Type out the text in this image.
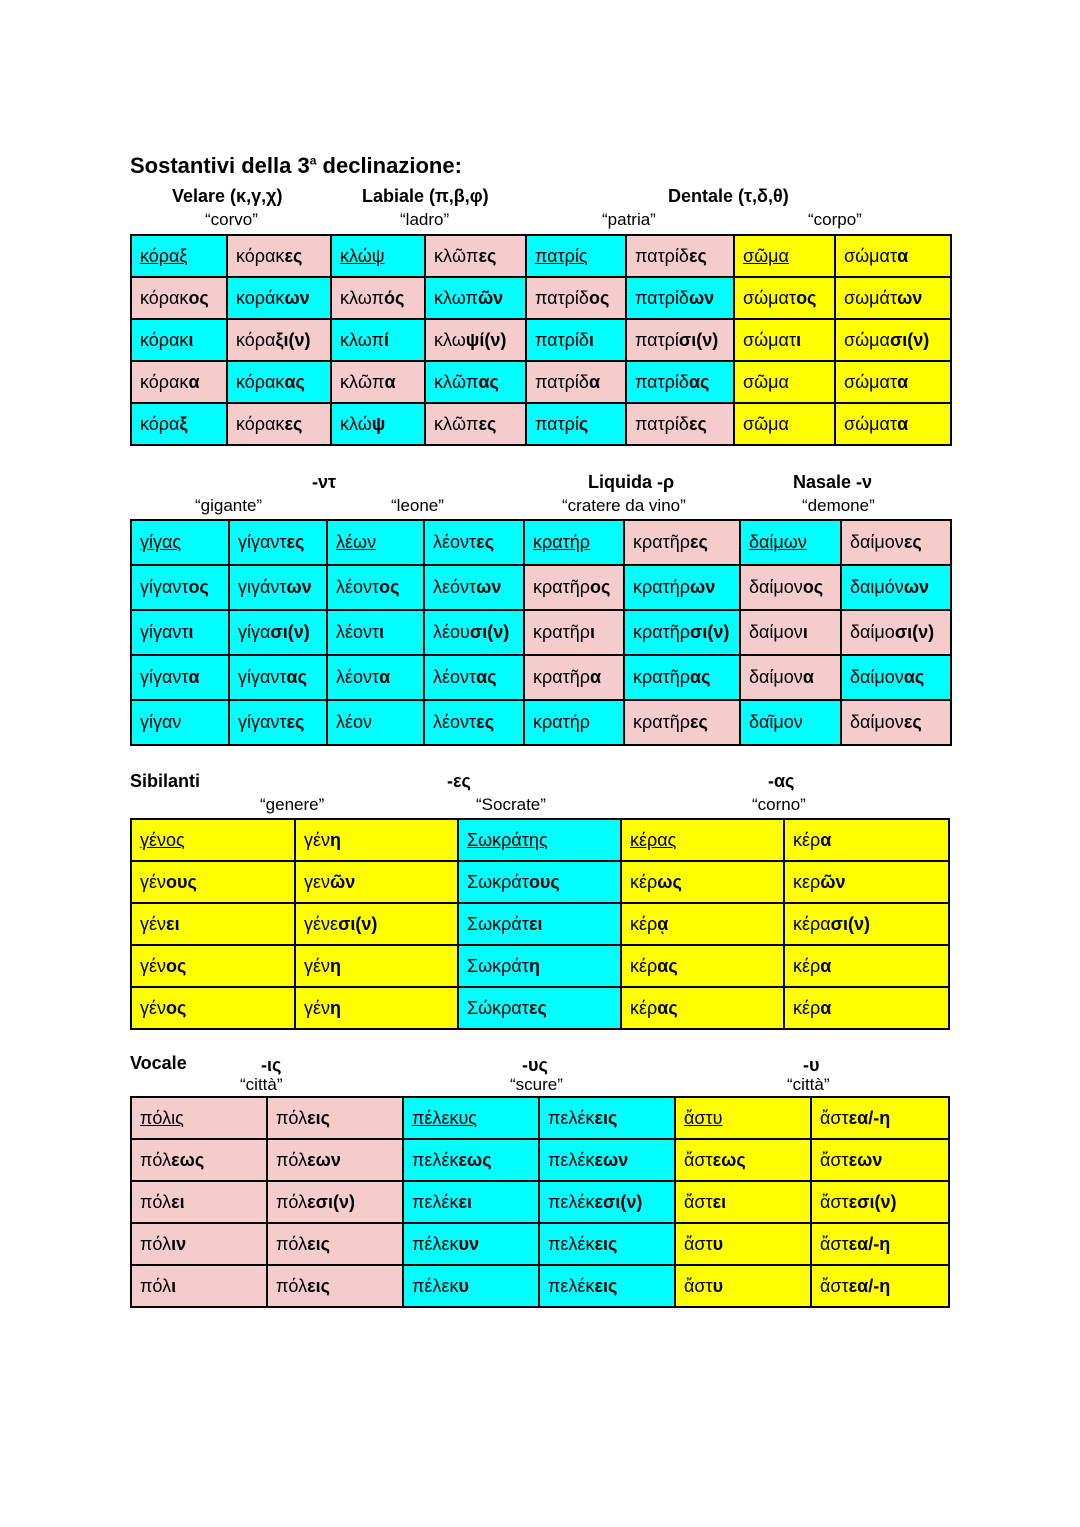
Sostantivi della 3$^a$ declinazione:
Velare (κ,γ,χ)	Labiale (π,β,φ)	Dentale (τ,δ,θ)
“corvo”	“ladro”	“patria”	“corpo”
κόραξ	κόρακες	κλώψ	κλῶπες	πατρίς	πατρίδες	σῶμα	σώματα
κόρακος	κοράκων	κλωπός	κλωπῶν	πατρίδος	πατρίδων	σώματος	σωμάτων
κόρακι	κόραξι(ν)	κλωπί	κλωψί(ν)	πατρίδι	πατρίσι(ν)	σώματι	σώμασι(ν)
κόρακα	κόρακας	κλῶπα	κλῶπας	πατρίδα	πατρίδας	σῶμα	σώματα
κόραξ	κόρακες	κλώψ	κλῶπες	πατρίς	πατρίδες	σῶμα	σώματα
-ντ	Liquida -ρ	Nasale -ν
“gigante”	“leone”	“cratere da vino”	“demone”
γίγας	γίγαντες	λέων	λέοντες	κρατήρ	κρατῆρες	δαίμων	δαίμονες
γίγαντος	γιγάντων	λέοντος	λεόντων	κρατῆρος	κρατήρων	δαίμονος	δαιμόνων
γίγαντι	γίγασι(ν)	λέοντι	λέουσι(ν)	κρατῆρι	κρατῆρσι(ν)	δαίμονι	δαίμοσι(ν)
γίγαντα	γίγαντας	λέοντα	λέοντας	κρατῆρα	κρατῆρας	δαίμονα	δαίμονας
γίγαν	γίγαντες	λέον	λέοντες	κρατήρ	κρατῆρες	δαῖμον	δαίμονες
Sibilanti	-ες	-ας
“genere”	“Socrate”	“corno”
γένος	γένη	Σωκράτης	κέρας	κέρα
γένους	γενῶν	Σωκράτους	κέρως	κερῶν
γένει	γένεσι(ν)	Σωκράτει	κέρᾳ	κέρασι(ν)
γένος	γένη	Σωκράτη	κέρας	κέρα
γένος	γένη	Σώκρατες	κέρας	κέρα
Vocale	-ις	-υς	-υ
“città”	“scure”	“città”
πόλις	πόλεις	πέλεκυς	πελέκεις	ἄστυ	ἄστεα/-η
πόλεως	πόλεων	πελέκεως	πελέκεων	ἄστεως	ἄστεων
πόλει	πόλεσι(ν)	πελέκει	πελέκεσι(ν)	ἄστει	ἄστεσι(ν)
πόλιν	πόλεις	πέλεκυν	πελέκεις	ἄστυ	ἄστεα/-η
πόλι	πόλεις	πέλεκυ	πελέκεις	ἄστυ	ἄστεα/-η
